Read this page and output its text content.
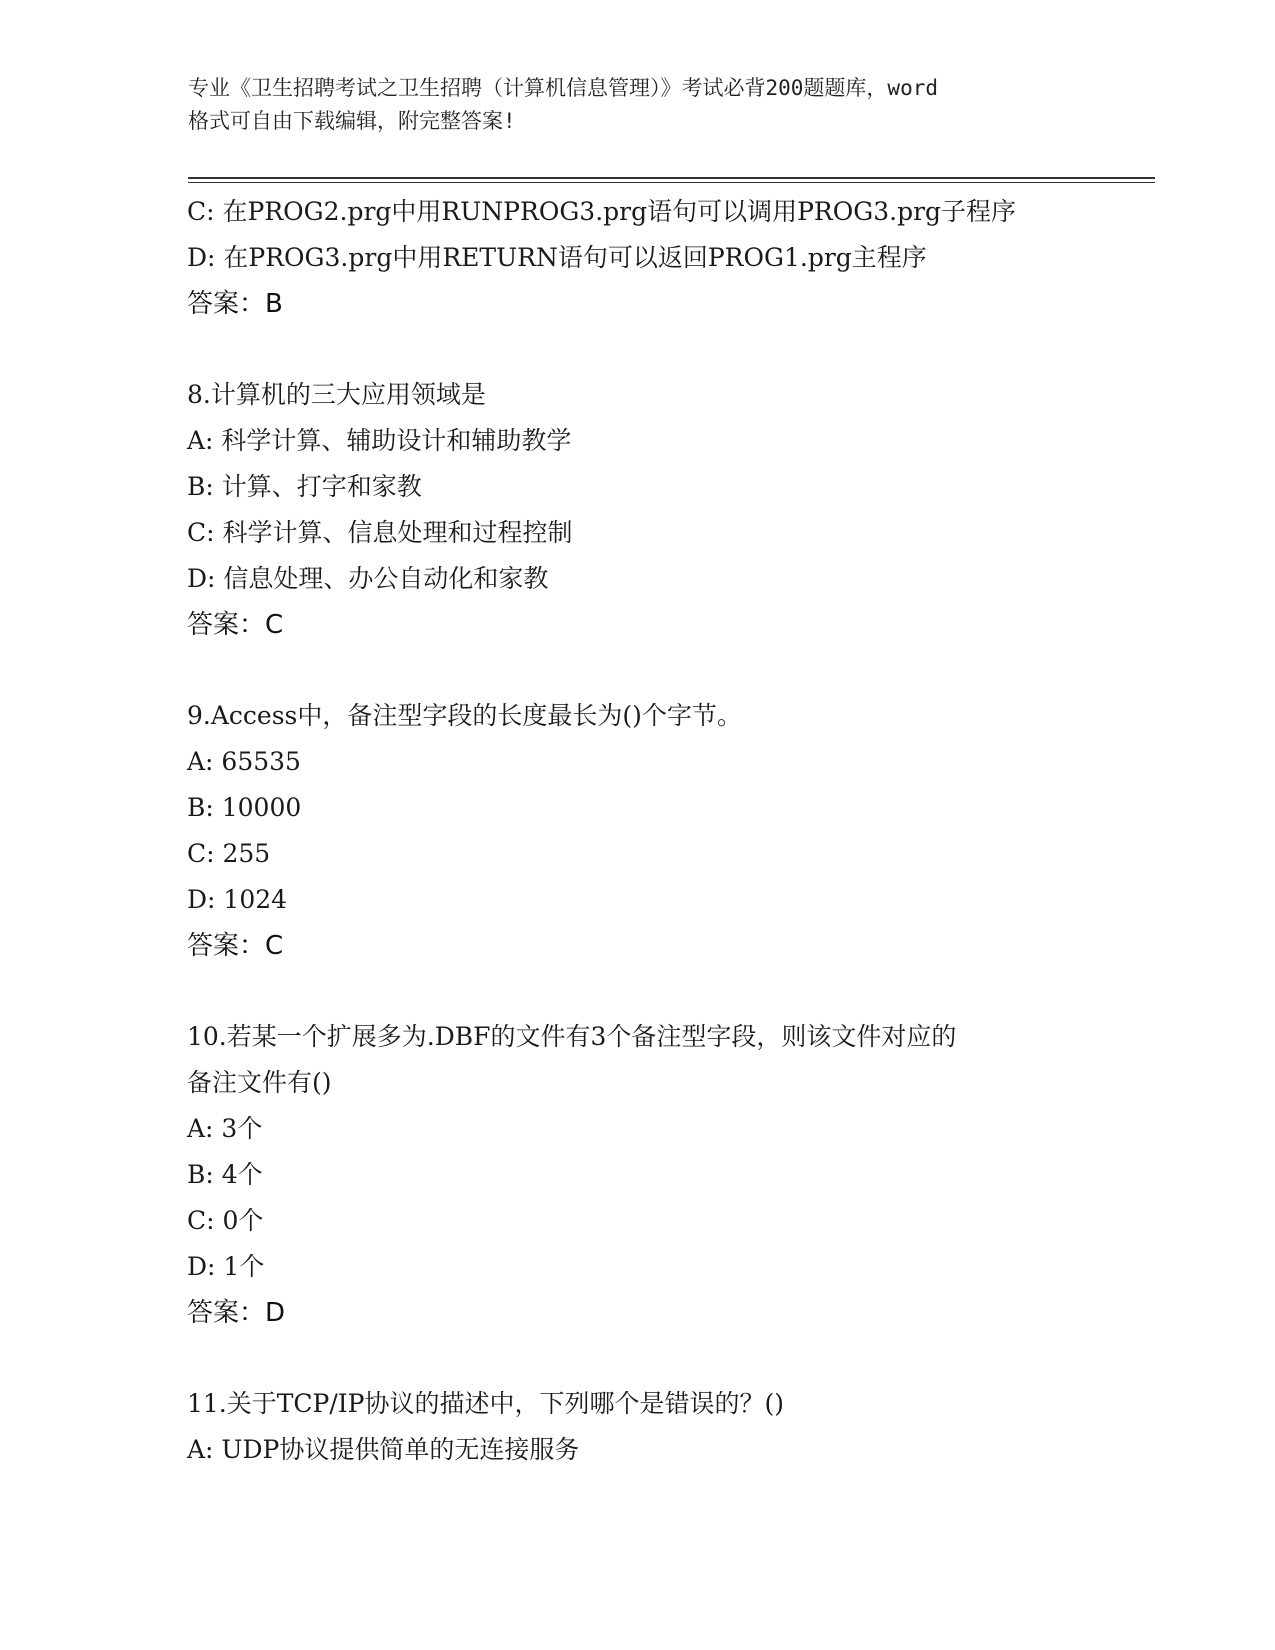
专业《卫生招聘考试之卫生招聘（计算机信息管理）》考试必背200题题库，word
格式可自由下载编辑，附完整答案!
C: 在PROG2.prg中用RUNPROG3.prg语句可以调用PROG3.prg子程序
D: 在PROG3.prg中用RETURN语句可以返回PROG1.prg主程序
答案：B
8.计算机的三大应用领域是
A: 科学计算、辅助设计和辅助教学
B: 计算、打字和家教
C: 科学计算、信息处理和过程控制
D: 信息处理、办公自动化和家教
答案：C
9.Access中，备注型字段的长度最长为()个字节。
A: 65535
B: 10000
C: 255
D: 1024
答案：C
10.若某一个扩展多为.DBF的文件有3个备注型字段，则该文件对应的
备注文件有()
A: 3个
B: 4个
C: 0个
D: 1个
答案：D
11.关于TCP/IP协议的描述中，下列哪个是错误的？()
A: UDP协议提供简单的无连接服务
